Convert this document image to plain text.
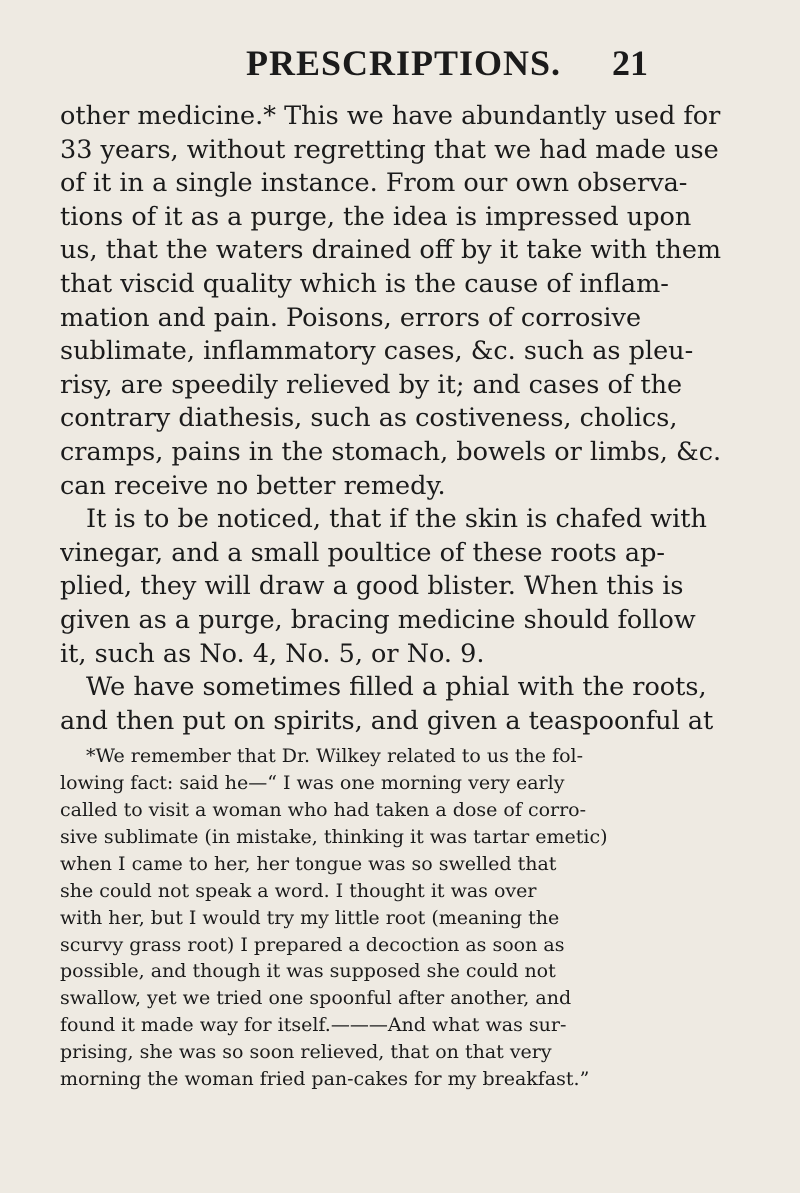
PRESCRIPTIONS. 21
other medicine.* This we have abundantly used for
33 years, without regretting that we had made use
of it in a single instance. From our own observa-
tions of it as a purge, the idea is impressed upon
us, that the waters drained off by it take with them
that viscid quality which is the cause of inflam-
mation and pain. Poisons, errors of corrosive
sublimate, inflammatory cases, &c. such as pleu-
risy, are speedily relieved by it; and cases of the
contrary diathesis, such as costiveness, cholics,
cramps, pains in the stomach, bowels or limbs, &c.
can receive no better remedy.
It is to be noticed, that if the skin is chafed with
vinegar, and a small poultice of these roots ap-
plied, they will draw a good blister. When this is
given as a purge, bracing medicine should follow
it, such as No. 4, No. 5, or No. 9.
We have sometimes filled a phial with the roots,
and then put on spirits, and given a teaspoonful at
*We remember that Dr. Wilkey related to us the fol-
lowing fact: said he—“ I was one morning very early
called to visit a woman who had taken a dose of corro-
sive sublimate (in mistake, thinking it was tartar emetic)
when I came to her, her tongue was so swelled that
she could not speak a word. I thought it was over
with her, but I would try my little root (meaning the
scurvy grass root) I prepared a decoction as soon as
possible, and though it was supposed she could not
swallow, yet we tried one spoonful after another, and
found it made way for itself.———And what was sur-
prising, she was so soon relieved, that on that very
morning the woman fried pan-cakes for my breakfast.”
